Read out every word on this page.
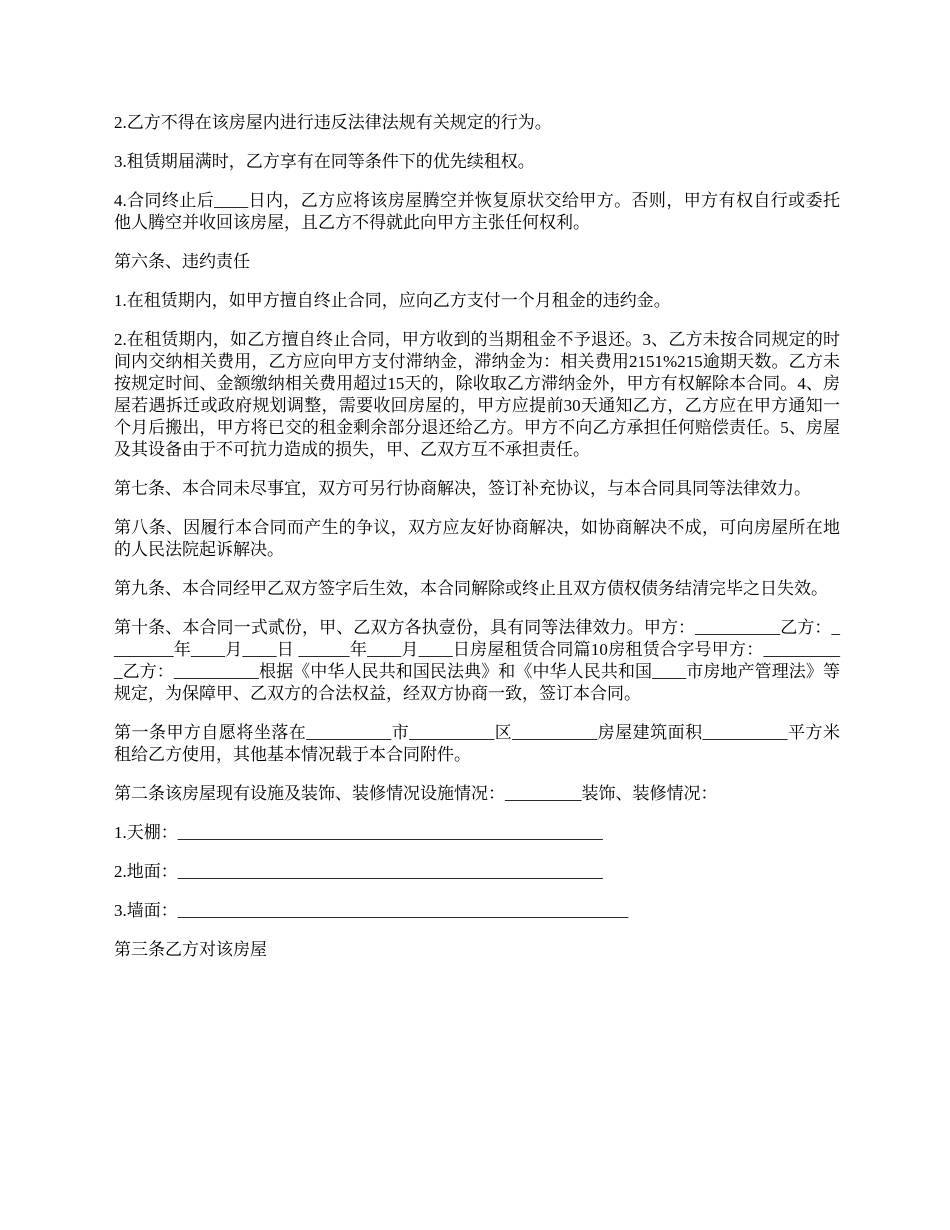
2.乙方不得在该房屋内进行违反法律法规有关规定的行为。

3.租赁期届满时，乙方享有在同等条件下的优先续租权。

4.合同终止后____日内，乙方应将该房屋腾空并恢复原状交给甲方。否则，甲方有权自行或委托他人腾空并收回该房屋，且乙方不得就此向甲方主张任何权利。

第六条、违约责任

1.在租赁期内，如甲方擅自终止合同，应向乙方支付一个月租金的违约金。

2.在租赁期内，如乙方擅自终止合同，甲方收到的当期租金不予退还。3、乙方未按合同规定的时间内交纳相关费用，乙方应向甲方支付滞纳金，滞纳金为：相关费用2151%215逾期天数。乙方未按规定时间、金额缴纳相关费用超过15天的，除收取乙方滞纳金外，甲方有权解除本合同。4、房屋若遇拆迁或政府规划调整，需要收回房屋的，甲方应提前30天通知乙方，乙方应在甲方通知一个月后搬出，甲方将已交的租金剩余部分退还给乙方。甲方不向乙方承担任何赔偿责任。5、房屋及其设备由于不可抗力造成的损失，甲、乙双方互不承担责任。

第七条、本合同未尽事宜，双方可另行协商解决，签订补充协议，与本合同具同等法律效力。

第八条、因履行本合同而产生的争议，双方应友好协商解决，如协商解决不成，可向房屋所在地的人民法院起诉解决。

第九条、本合同经甲乙双方签字后生效，本合同解除或终止且双方债权债务结清完毕之日失效。

第十条、本合同一式贰份，甲、乙双方各执壹份，具有同等法律效力。甲方：__________乙方：________年____月____日 ______年____月____日房屋租赁合同篇10房租赁合字号甲方：__________乙方：__________根据《中华人民共和国民法典》和《中华人民共和国____市房地产管理法》等规定，为保障甲、乙双方的合法权益，经双方协商一致，签订本合同。

第一条甲方自愿将坐落在__________市__________区__________房屋建筑面积__________平方米租给乙方使用，其他基本情况载于本合同附件。

第二条该房屋现有设施及装饰、装修情况设施情况：_________装饰、装修情况：

1.天棚：__________________________________________________

2.地面：__________________________________________________

3.墙面：_____________________________________________________

第三条乙方对该房屋
